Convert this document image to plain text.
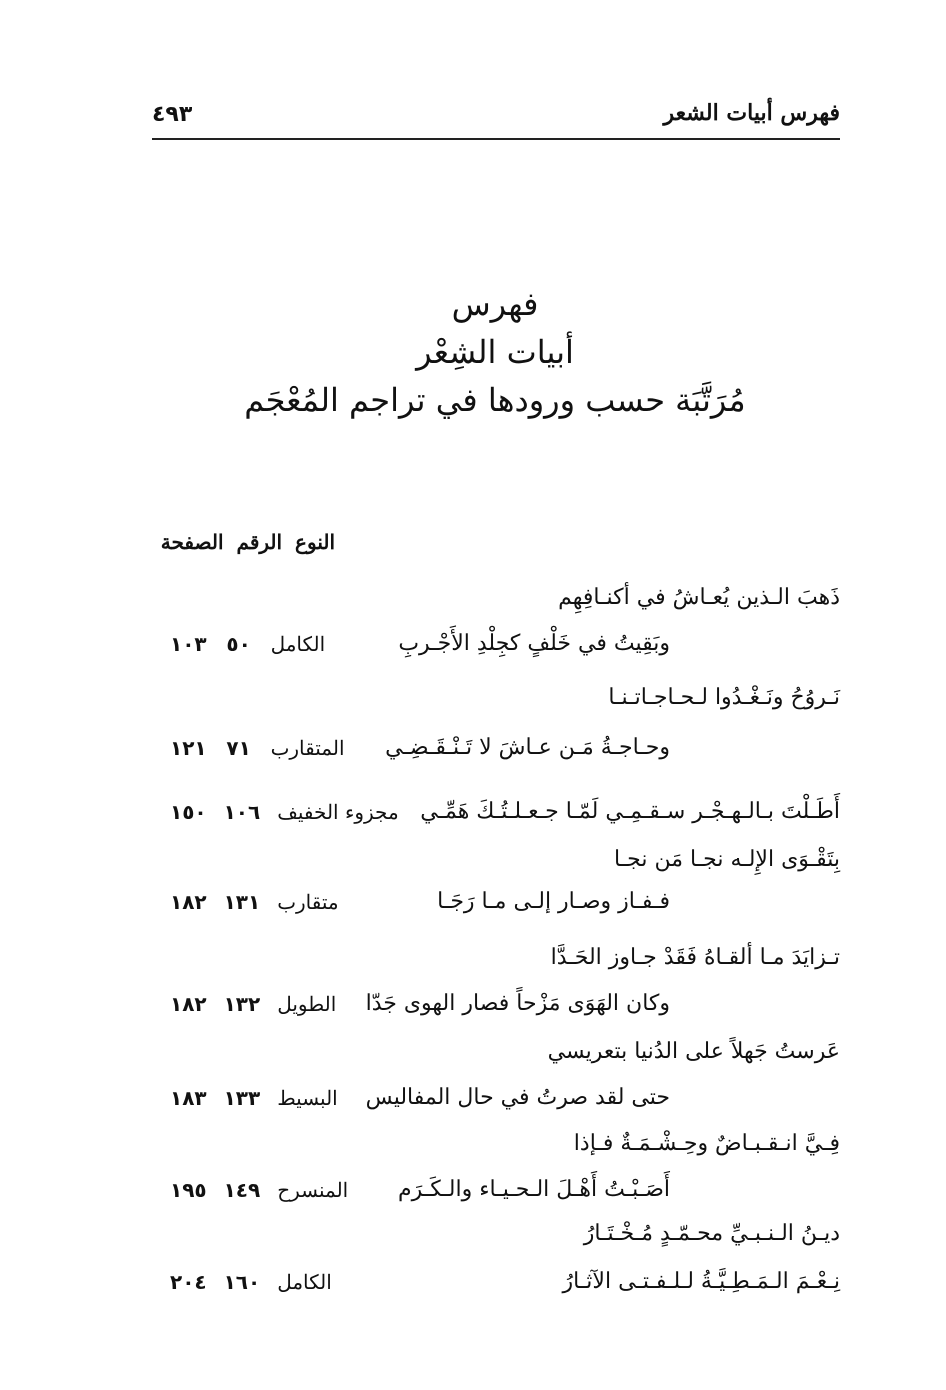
فهرس أبيات الشعر
٤٩٣
فهرس
أبيات الشِعْر
مُرَتَّبَة حسب ورودها في تراجم المُعْجَم
النوع الرقم الصفحة
ذَهبَ الـذين يُعـاشُ في أكنـافِهِم
وبَقِيتُ في خَلْفٍ كجِلْدِ الأَجْـربِ
الكامل ٥٠ ١٠٣
نَـروُحُ ونَـغْـدُوا لـحـاجـاتـنـا
وحـاجـةُ مَـن عـاشَ لا تَـنْـقَـضِـي
المتقارب ٧١ ١٢١
أَطَـلْتَ بـالـهـجْـر سـقـمِـي لَمّـا جـعـلـتُـكَ هَمِّـي
مجزوء الخفيف ١٠٦ ١٥٠
بِتَقْـوَى الإِلـه نجـا مَن نجـا
فـفـاز وصـار إلـى مـا رَجَـا
متقارب ١٣١ ١٨٢
تـزايَدَ مـا ألقـاهُ فَقَدْ جـاوز الحَـدَّا
وكان الهَوَى مَزْحاً فصار الهوى جَدّا
الطويل ١٣٢ ١٨٢
عَرستُ جَهلاً على الدُنيا بتعريسي
حتى لقد صرتُ في حال المفاليس
البسيط ١٣٣ ١٨٣
فِـيَّ انـقـبـاضٌ وحِـشْـمَـةٌ فـإذا
أَصَـبْـتُ أَهْـلَ الـحـيـاء والـكَـرَم
المنسرح ١٤٩ ١٩٥
ديـنُ الـنـبـيِّ محـمّـدٍ مُـخْـتَـارُ
نِـعْـمَ الـمَـطِـيَّـةُ لـلـفـتـى الآثـارُ
الكامل ١٦٠ ٢٠٤
